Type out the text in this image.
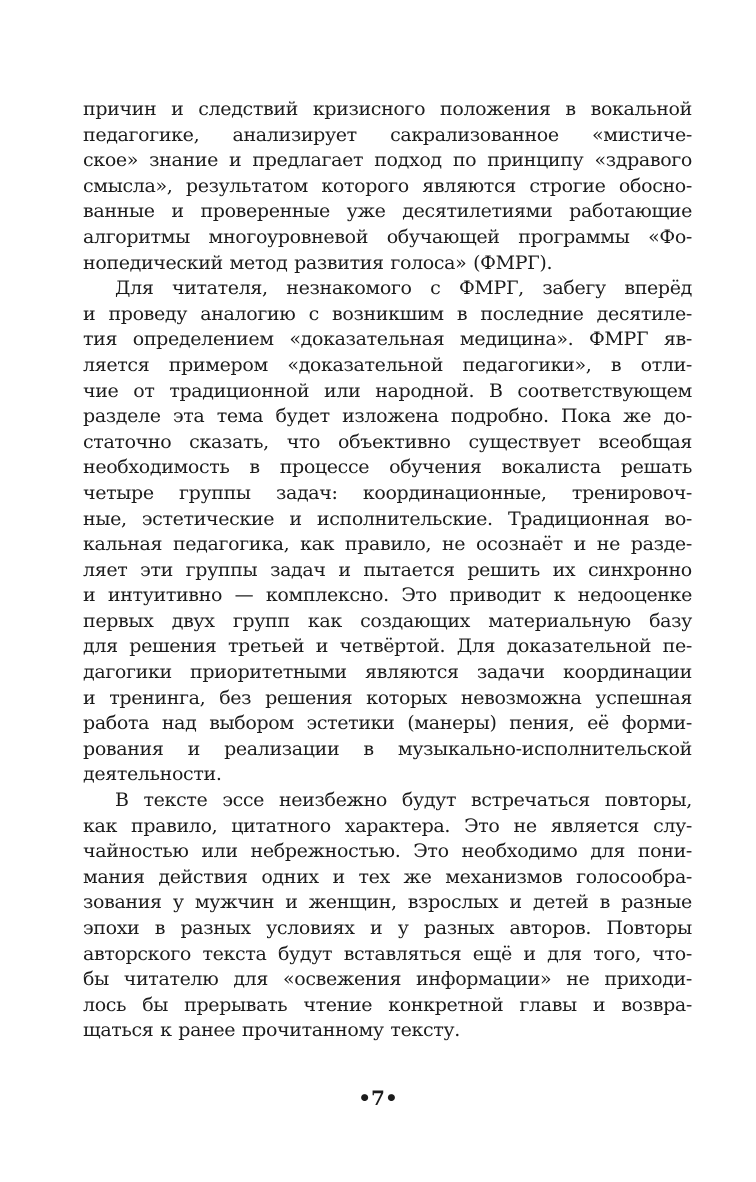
причин и следствий кризисного положения в вокальной
педагогике, анализирует сакрализованное «мистиче-
ское» знание и предлагает подход по принципу «здравого
смысла», результатом которого являются строгие обосно-
ванные и проверенные уже десятилетиями работающие
алгоритмы многоуровневой обучающей программы «Фо-
нопедический метод развития голоса» (ФМРГ).
Для читателя, незнакомого с ФМРГ, забегу вперёд
и проведу аналогию с возникшим в последние десятиле-
тия определением «доказательная медицина». ФМРГ яв-
ляется примером «доказательной педагогики», в отли-
чие от традиционной или народной. В соответствующем
разделе эта тема будет изложена подробно. Пока же до-
статочно сказать, что объективно существует всеобщая
необходимость в процессе обучения вокалиста решать
четыре группы задач: координационные, тренировоч-
ные, эстетические и исполнительские. Традиционная во-
кальная педагогика, как правило, не осознаёт и не разде-
ляет эти группы задач и пытается решить их синхронно
и интуитивно — комплексно. Это приводит к недооценке
первых двух групп как создающих материальную базу
для решения третьей и четвёртой. Для доказательной пе-
дагогики приоритетными являются задачи координации
и тренинга, без решения которых невозможна успешная
работа над выбором эстетики (манеры) пения, её форми-
рования и реализации в музыкально-исполнительской
деятельности.
В тексте эссе неизбежно будут встречаться повторы,
как правило, цитатного характера. Это не является слу-
чайностью или небрежностью. Это необходимо для пони-
мания действия одних и тех же механизмов голосообра-
зования у мужчин и женщин, взрослых и детей в разные
эпохи в разных условиях и у разных авторов. Повторы
авторского текста будут вставляться ещё и для того, что-
бы читателю для «освежения информации» не приходи-
лось бы прерывать чтение конкретной главы и возвра-
щаться к ранее прочитанному тексту.
•7•
